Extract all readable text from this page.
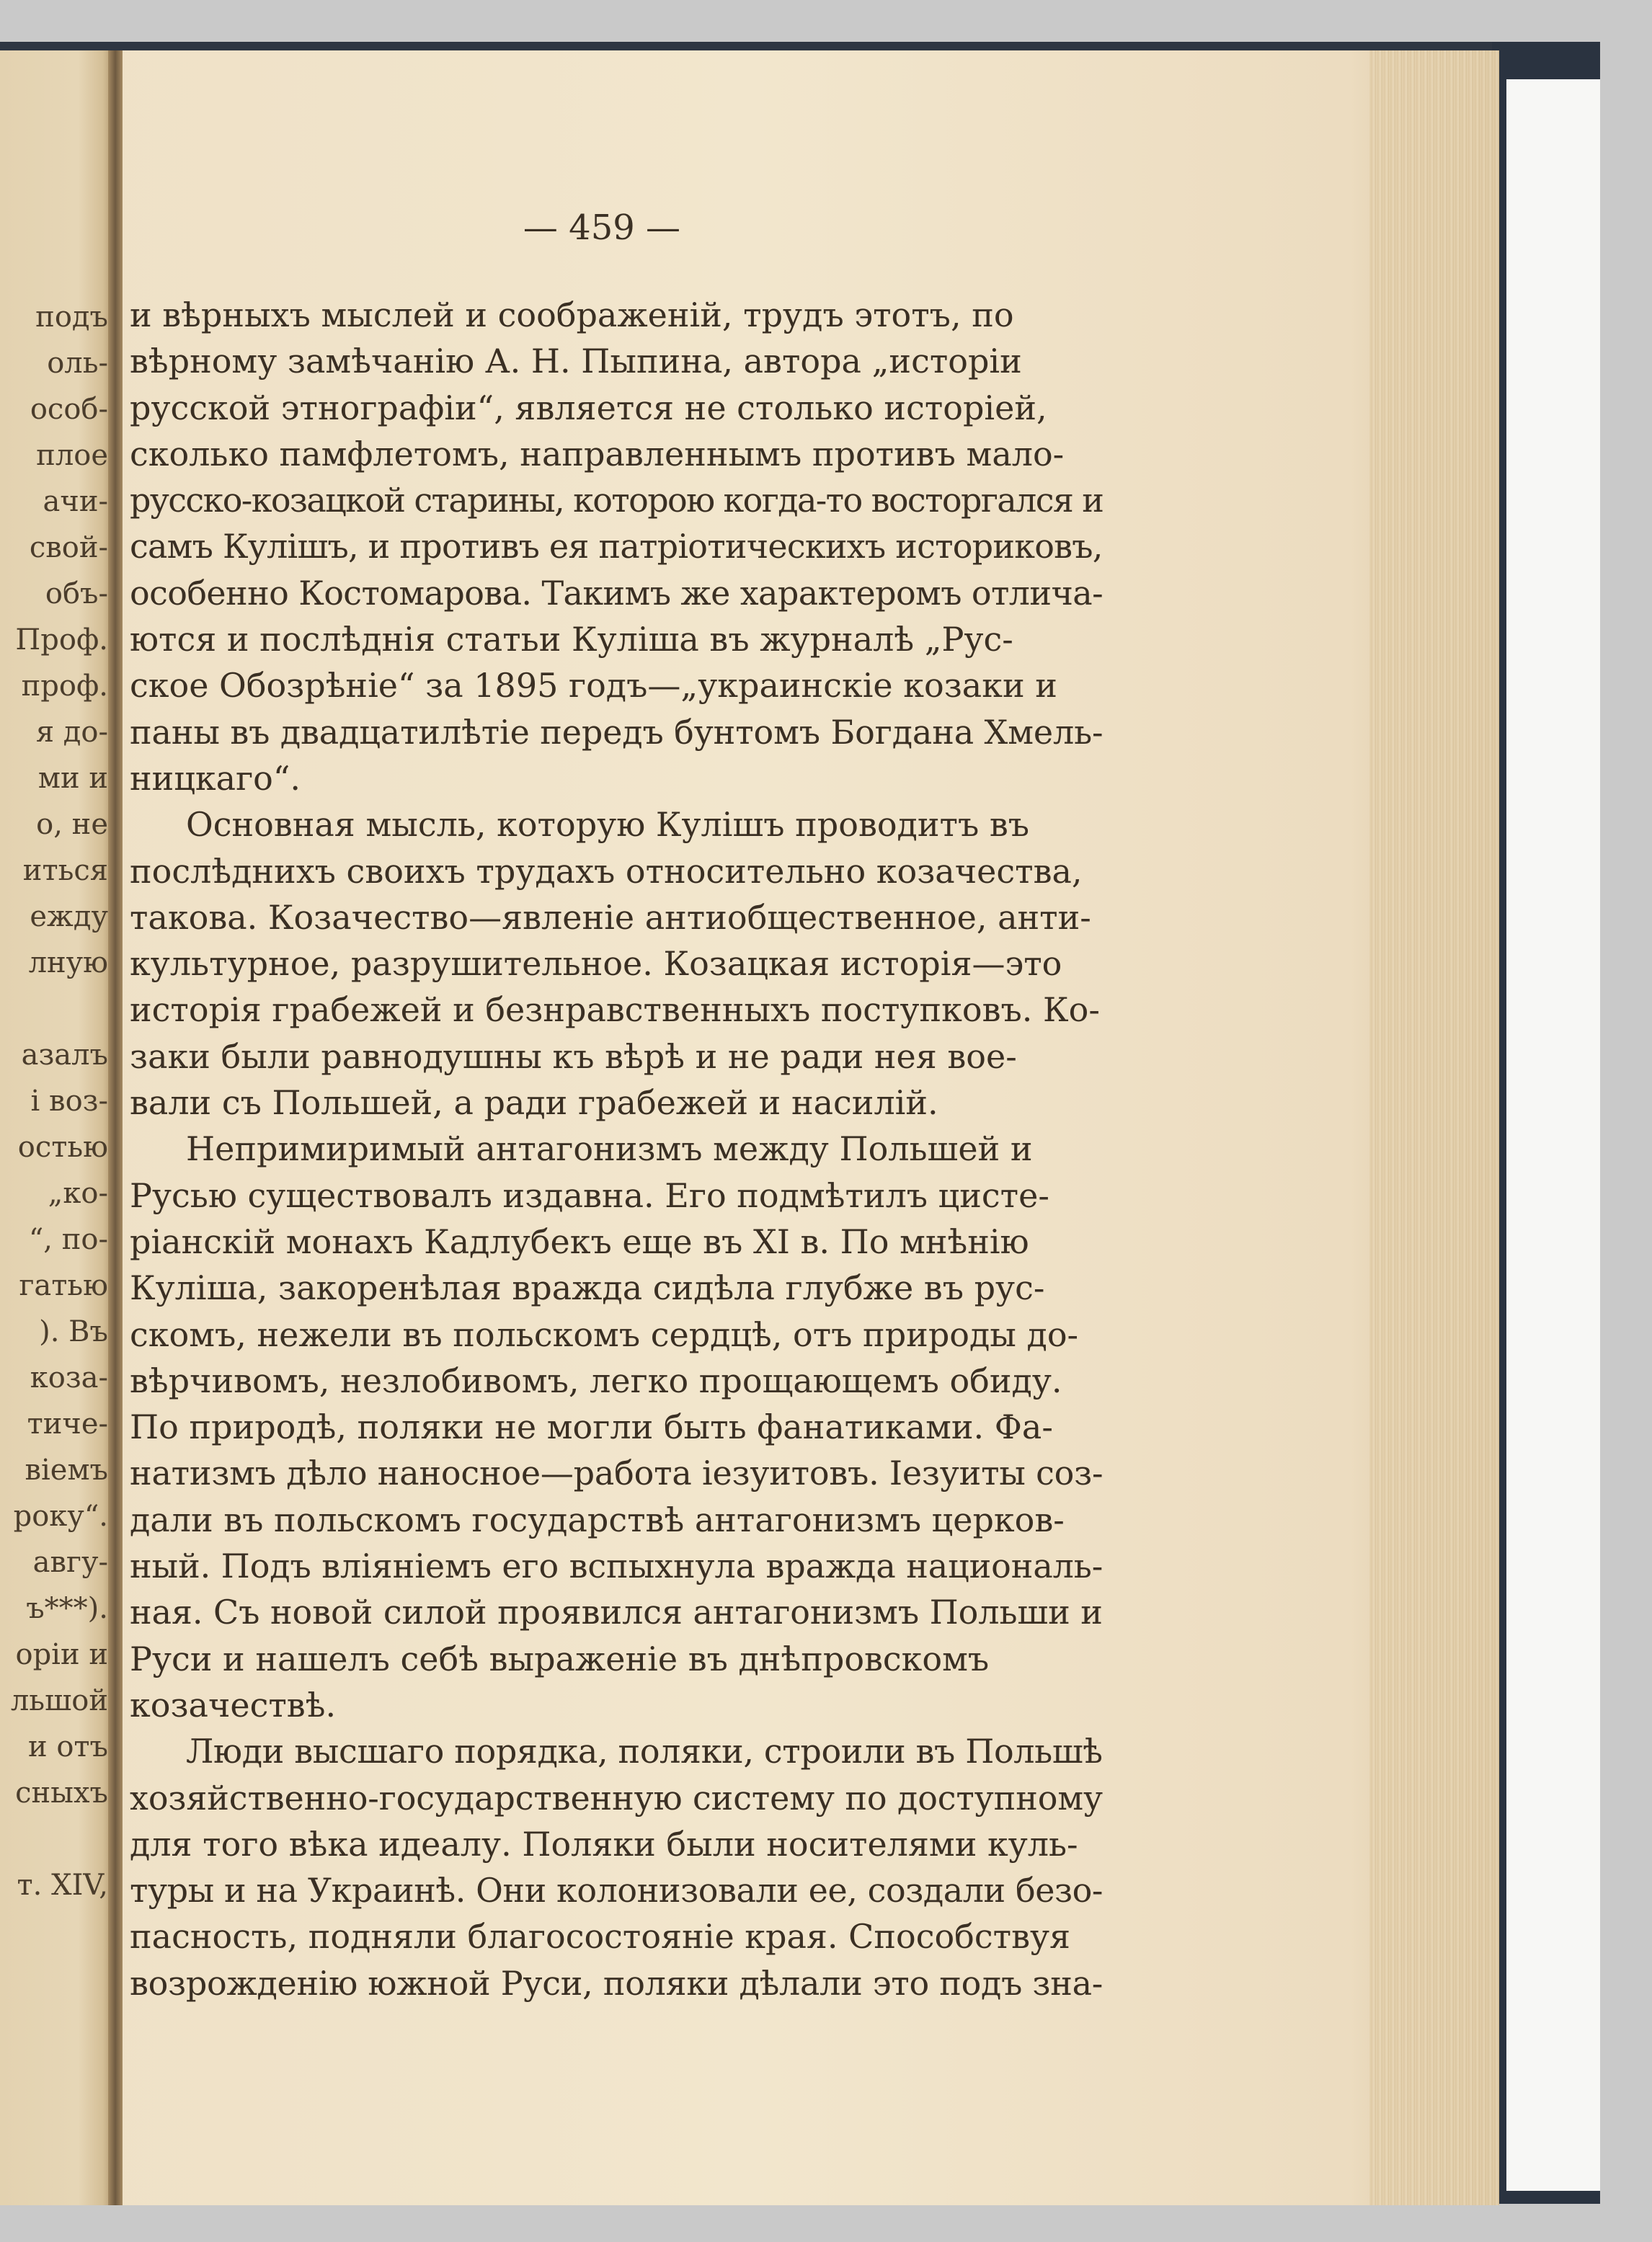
подъ
оль-
особ-
плое
ачи-
свой-
объ-
Проф.
проф.
я до-
ми и
о, не
иться
ежду
лную
азалъ
і воз-
остью
„ко-
“, по-
гатью
). Въ
коза-
тиче-
віемъ
року“.
авгу-
ъ***).
оріи и
льшой
и отъ
сныхъ
т. XIV,
— 459 —
и вѣрныхъ мыслей и соображеній, трудъ этотъ, по
вѣрному замѣчанію А. Н. Пыпина, автора „исторіи
русской этнографіи“, является не столько исторіей,
сколько памфлетомъ, направленнымъ противъ мало-
русско-козацкой старины, которою когда-то восторгался и
самъ Кулішъ, и противъ ея патріотическихъ историковъ,
особенно Костомарова. Такимъ же характеромъ отлича-
ются и послѣднія статьи Куліша въ журналѣ „Рус-
ское Обозрѣніе“ за 1895 годъ—„украинскіе козаки и
паны въ двадцатилѣтіе передъ бунтомъ Богдана Хмель-
ницкаго“.
Основная мысль, которую Кулішъ проводитъ въ
послѣднихъ своихъ трудахъ относительно козачества,
такова. Козачество—явленіе антиобщественное, анти-
культурное, разрушительное. Козацкая исторія—это
исторія грабежей и безнравственныхъ поступковъ. Ко-
заки были равнодушны къ вѣрѣ и не ради нея вое-
вали съ Польшей, а ради грабежей и насилій.
Непримиримый антагонизмъ между Польшей и
Русью существовалъ издавна. Его подмѣтилъ цисте-
ріанскій монахъ Кадлубекъ еще въ XI в. По мнѣнію
Куліша, закоренѣлая вражда сидѣла глубже въ рус-
скомъ, нежели въ польскомъ сердцѣ, отъ природы до-
вѣрчивомъ, незлобивомъ, легко прощающемъ обиду.
По природѣ, поляки не могли быть фанатиками. Фа-
натизмъ дѣло наносное—работа іезуитовъ. Іезуиты соз-
дали въ польскомъ государствѣ антагонизмъ церков-
ный. Подъ вліяніемъ его вспыхнула вражда националь-
ная. Съ новой силой проявился антагонизмъ Польши и
Руси и нашелъ себѣ выраженіе въ днѣпровскомъ
козачествѣ.
Люди высшаго порядка, поляки, строили въ Польшѣ
хозяйственно-государственную систему по доступному
для того вѣка идеалу. Поляки были носителями куль-
туры и на Украинѣ. Они колонизовали ее, создали безо-
пасность, подняли благосостояніе края. Способствуя
возрожденію южной Руси, поляки дѣлали это подъ зна-
